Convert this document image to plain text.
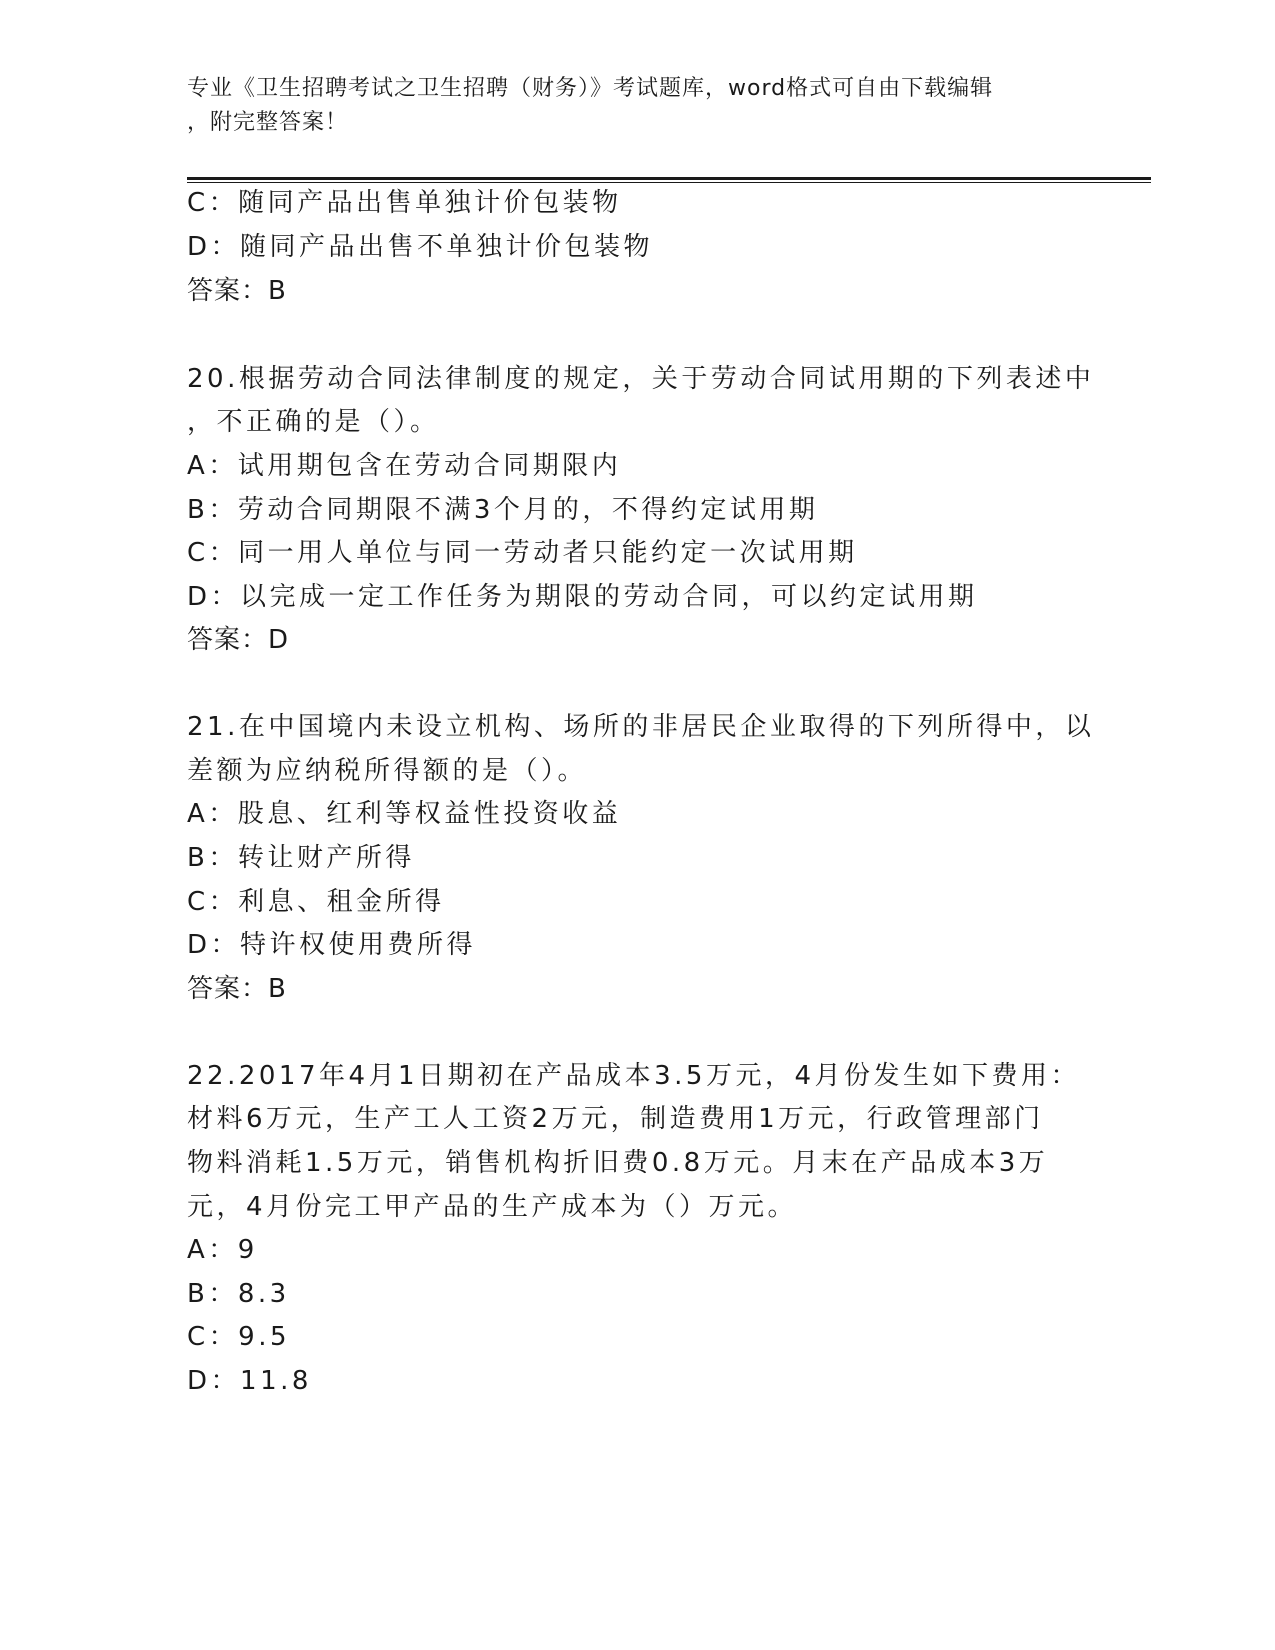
专业《卫生招聘考试之卫生招聘（财务）》考试题库，word格式可自由下载编辑
，附完整答案！
C：随同产品出售单独计价包装物
D：随同产品出售不单独计价包装物
答案：B
20.根据劳动合同法律制度的规定，关于劳动合同试用期的下列表述中
，不正确的是（）。
A：试用期包含在劳动合同期限内
B：劳动合同期限不满3个月的，不得约定试用期
C：同一用人单位与同一劳动者只能约定一次试用期
D：以完成一定工作任务为期限的劳动合同，可以约定试用期
答案：D
21.在中国境内未设立机构、场所的非居民企业取得的下列所得中，以
差额为应纳税所得额的是（）。
A：股息、红利等权益性投资收益
B：转让财产所得
C：利息、租金所得
D：特许权使用费所得
答案：B
22.2017年4月1日期初在产品成本3.5万元，4月份发生如下费用：
材料6万元，生产工人工资2万元，制造费用1万元，行政管理部门
物料消耗1.5万元，销售机构折旧费0.8万元。月末在产品成本3万
元，4月份完工甲产品的生产成本为（）万元。
A：9
B：8.3
C：9.5
D：11.8
